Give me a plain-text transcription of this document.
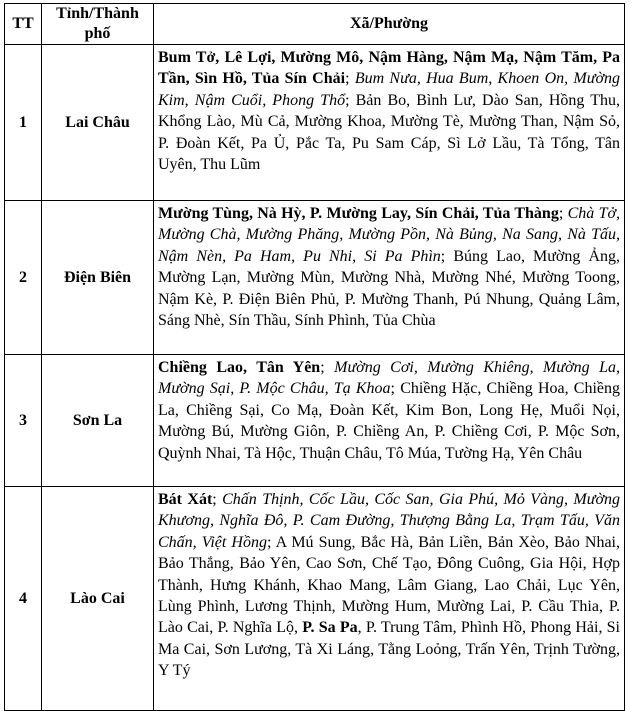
TT	Tỉnh/Thành phố	Xã/Phường
1	Lai Châu	Bum Tở, Lê Lợi, Mường Mô, Nậm Hàng, Nậm Mạ, Nậm Tăm, Pa Tần, Sìn Hồ, Tủa Sín Chải; Bum Nưa, Hua Bum, Khoen On, Mường Kim, Nậm Cuổi, Phong Thổ; Bản Bo, Bình Lư, Dào San, Hồng Thu, Khổng Lào, Mù Cả, Mường Khoa, Mường Tè, Mường Than, Nậm Sỏ, P. Đoàn Kết, Pa Ủ, Pắc Ta, Pu Sam Cáp, Sì Lở Lầu, Tà Tổng, Tân Uyên, Thu Lũm
2	Điện Biên	Mường Tùng, Nà Hỳ, P. Mường Lay, Sín Chải, Tủa Thàng; Chà Tở, Mường Chà, Mường Phăng, Mường Pồn, Nà Bủng, Na Sang, Nà Tấu, Nậm Nèn, Pa Ham, Pu Nhi, Si Pa Phìn; Búng Lao, Mường Ảng, Mường Lạn, Mường Mùn, Mường Nhà, Mường Nhé, Mường Toong, Nậm Kè, P. Điện Biên Phủ, P. Mường Thanh, Pú Nhung, Quảng Lâm, Sáng Nhè, Sín Thầu, Sính Phình, Tủa Chùa
3	Sơn La	Chiềng Lao, Tân Yên; Mường Cơi, Mường Khiêng, Mường La, Mường Sại, P. Mộc Châu, Tạ Khoa; Chiềng Hặc, Chiềng Hoa, Chiềng La, Chiềng Sại, Co Mạ, Đoàn Kết, Kim Bon, Long Hẹ, Muổi Nọi, Mường Bú, Mường Giôn, P. Chiềng An, P. Chiềng Cơi, P. Mộc Sơn, Quỳnh Nhai, Tà Hộc, Thuận Châu, Tô Múa, Tường Hạ, Yên Châu
4	Lào Cai	Bát Xát; Chấn Thịnh, Cốc Lầu, Cốc San, Gia Phú, Mỏ Vàng, Mường Khương, Nghĩa Đô, P. Cam Đường, Thượng Bằng La, Trạm Tấu, Văn Chấn, Việt Hồng; A Mú Sung, Bắc Hà, Bản Liền, Bản Xèo, Bảo Nhai, Bảo Thắng, Bảo Yên, Cao Sơn, Chế Tạo, Đông Cuông, Gia Hội, Hợp Thành, Hưng Khánh, Khao Mang, Lâm Giang, Lao Chải, Lục Yên, Lùng Phình, Lương Thịnh, Mường Hum, Mường Lai, P. Cầu Thia, P. Lào Cai, P. Nghĩa Lộ, P. Sa Pa, P. Trung Tâm, Phình Hồ, Phong Hải, Si Ma Cai, Sơn Lương, Tà Xi Láng, Tằng Loỏng, Trấn Yên, Trịnh Tường, Y Tý
